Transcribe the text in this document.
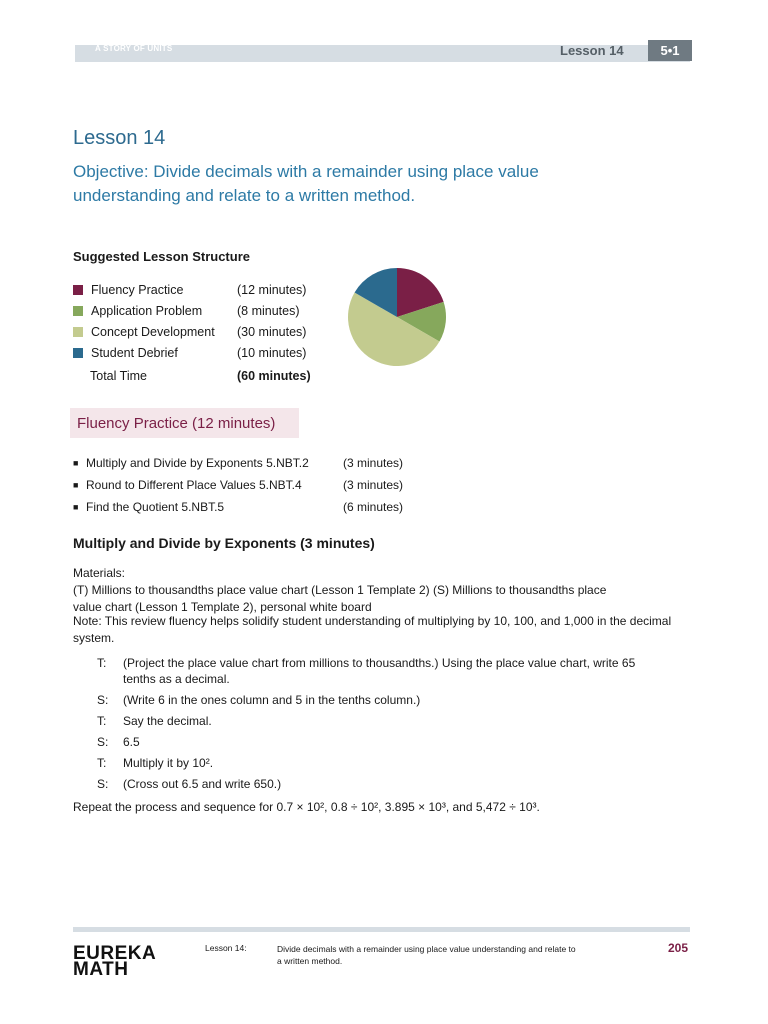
A STORY OF UNITS	Lesson 14	5•1
Lesson 14
Objective: Divide decimals with a remainder using place value understanding and relate to a written method.
Suggested Lesson Structure
Fluency Practice	(12 minutes)
Application Problem	(8 minutes)
Concept Development	(30 minutes)
Student Debrief	(10 minutes)
Total Time	(60 minutes)
Fluency Practice (12 minutes)
■ Multiply and Divide by Exponents 5.NBT.2	(3 minutes)
■ Round to Different Place Values 5.NBT.4	(3 minutes)
■ Find the Quotient 5.NBT.5	(6 minutes)
Multiply and Divide by Exponents (3 minutes)
Materials:(T) Millions to thousandths place value chart (Lesson 1 Template 2) (S) Millions to thousandths place value chart (Lesson 1 Template 2), personal white board
Note: This review fluency helps solidify student understanding of multiplying by 10, 100, and 1,000 in the decimal system.
T:	(Project the place value chart from millions to thousandths.) Using the place value chart, write 65 tenths as a decimal.
S:	(Write 6 in the ones column and 5 in the tenths column.)
T:	Say the decimal.
S:	6.5
T:	Multiply it by 10².
S:	(Cross out 6.5 and write 650.)
Repeat the process and sequence for 0.7 × 10², 0.8 ÷ 10², 3.895 × 10³, and 5,472 ÷ 10³.
EUREKA
MATH
Lesson 14:	Divide decimals with a remainder using place value understanding and relate to a written method.
205
